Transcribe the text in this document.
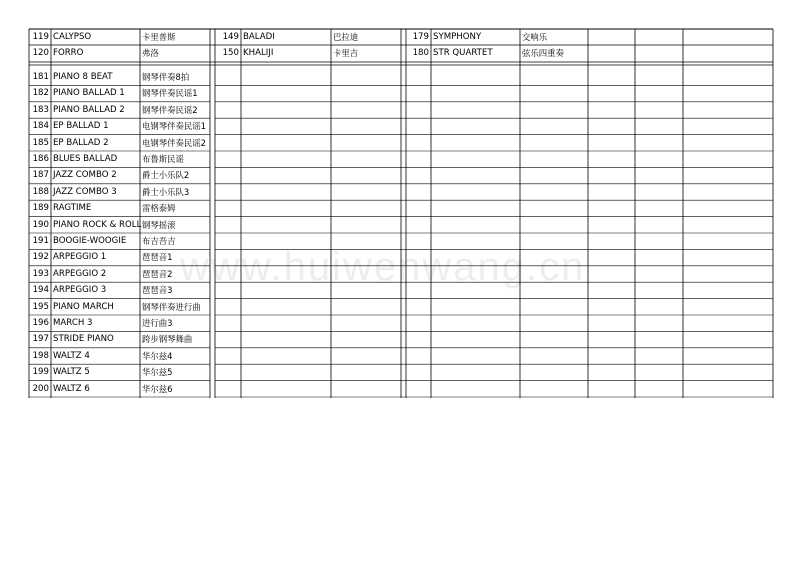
119 CALYPSO	卡里普斯	149 BALADI	巴拉迪	179 SYMPHONY	交响乐
120 FORRO	弗洛	150 KHALIJI	卡里吉	180 STR QUARTET	弦乐四重奏
181 PIANO 8 BEAT	钢琴伴奏8拍
182 PIANO BALLAD 1 钢琴伴奏民谣1
183 PIANO BALLAD 2 钢琴伴奏民谣2
184 EP BALLAD 1	电钢琴伴奏民谣1
185 EP BALLAD 2	电钢琴伴奏民谣2
186 BLUES BALLAD	布鲁斯民谣
187 JAZZ COMBO 2	爵士小乐队2
188 JAZZ COMBO 3	爵士小乐队3
189 RAGTIME	雷格泰姆
190 PIANO ROCK & ROLL 钢琴摇滚
191 BOOGIE-WOOGIE 布吉吾吉
192 ARPEGGIO 1	琶琶音1
193 ARPEGGIO 2	琶琶音2
194 ARPEGGIO 3	琶琶音3
195 PIANO MARCH	钢琴伴奏进行曲
196 MARCH 3	进行曲3
197 STRIDE PIANO	跨步钢琴舞曲
198 WALTZ 4	华尔兹4
199 WALTZ 5	华尔兹5
200 WALTZ 6	华尔兹6
www.huiwenwang.cn
